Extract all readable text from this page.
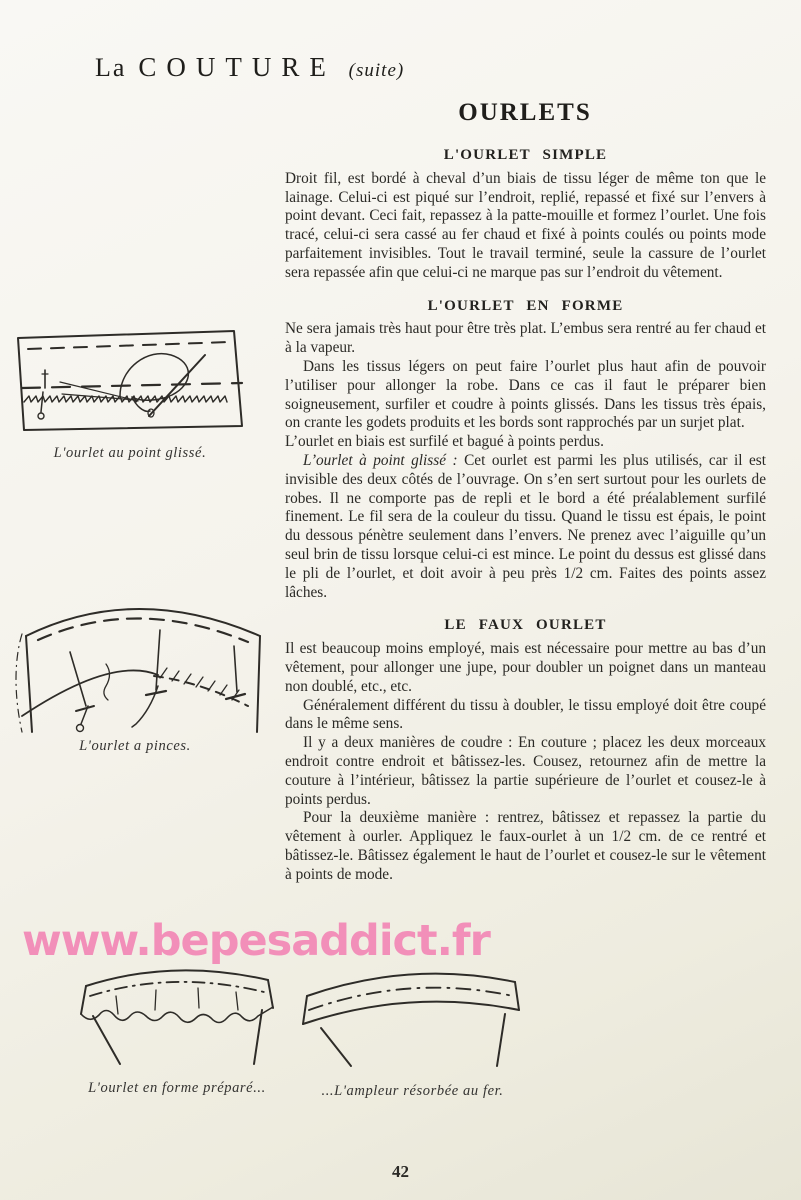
La COUTURE (suite)
OURLETS
L'OURLET SIMPLE

Droit fil, est bordé à cheval d’un biais de tissu léger de même ton que le lainage. Celui-ci est piqué sur l’endroit, replié, repassé et fixé sur l’envers à point devant. Ceci fait, repassez à la patte-mouille et formez l’ourlet. Une fois tracé, celui-ci sera cassé au fer chaud et fixé à points coulés ou points mode parfaitement invisibles. Tout le travail terminé, seule la cassure de l’ourlet sera repassée afin que celui-ci ne marque pas sur l’endroit du vêtement.

L'OURLET EN FORME

Ne sera jamais très haut pour être très plat. L’embus sera rentré au fer chaud et à la vapeur.

Dans les tissus légers on peut faire l’ourlet plus haut afin de pouvoir l’utiliser pour allonger la robe. Dans ce cas il faut le préparer bien soigneusement, surfiler et coudre à points glissés. Dans les tissus très épais, on crante les godets produits et les bords sont rapprochés par un surjet plat.

L’ourlet en biais est surfilé et bagué à points perdus.

L’ourlet à point glissé : Cet ourlet est parmi les plus utilisés, car il est invisible des deux côtés de l’ouvrage. On s’en sert surtout pour les ourlets de robes. Il ne comporte pas de repli et le bord a été préalablement surfilé finement. Le fil sera de la couleur du tissu. Quand le tissu est épais, le point du dessous pénètre seulement dans l’envers. Ne prenez avec l’aiguille qu’un seul brin de tissu lorsque celui-ci est mince. Le point du dessus est glissé dans le pli de l’ourlet, et doit avoir à peu près 1/2 cm. Faites des points assez lâches.

LE FAUX OURLET

Il est beaucoup moins employé, mais est nécessaire pour mettre au bas d’un vêtement, pour allonger une jupe, pour doubler un poignet dans un manteau non doublé, etc., etc.

Généralement différent du tissu à doubler, le tissu employé doit être coupé dans le même sens.

Il y a deux manières de coudre : En couture ; placez les deux morceaux endroit contre endroit et bâtissez-les. Cousez, retournez afin de mettre la couture à l’intérieur, bâtissez la partie supérieure de l’ourlet et cousez-le à points perdus.

Pour la deuxième manière : rentrez, bâtissez et repassez la partie du vêtement à ourler. Appliquez le faux-ourlet à un 1/2 cm. de ce rentré et bâtissez-le. Bâtissez également le haut de l’ourlet et cousez-le sur le vêtement à points de mode.

L'ourlet au point glissé.
L'ourlet a pinces.
www.bepesaddict.fr
L'ourlet en forme préparé...	...L'ampleur résorbée au fer.
42
